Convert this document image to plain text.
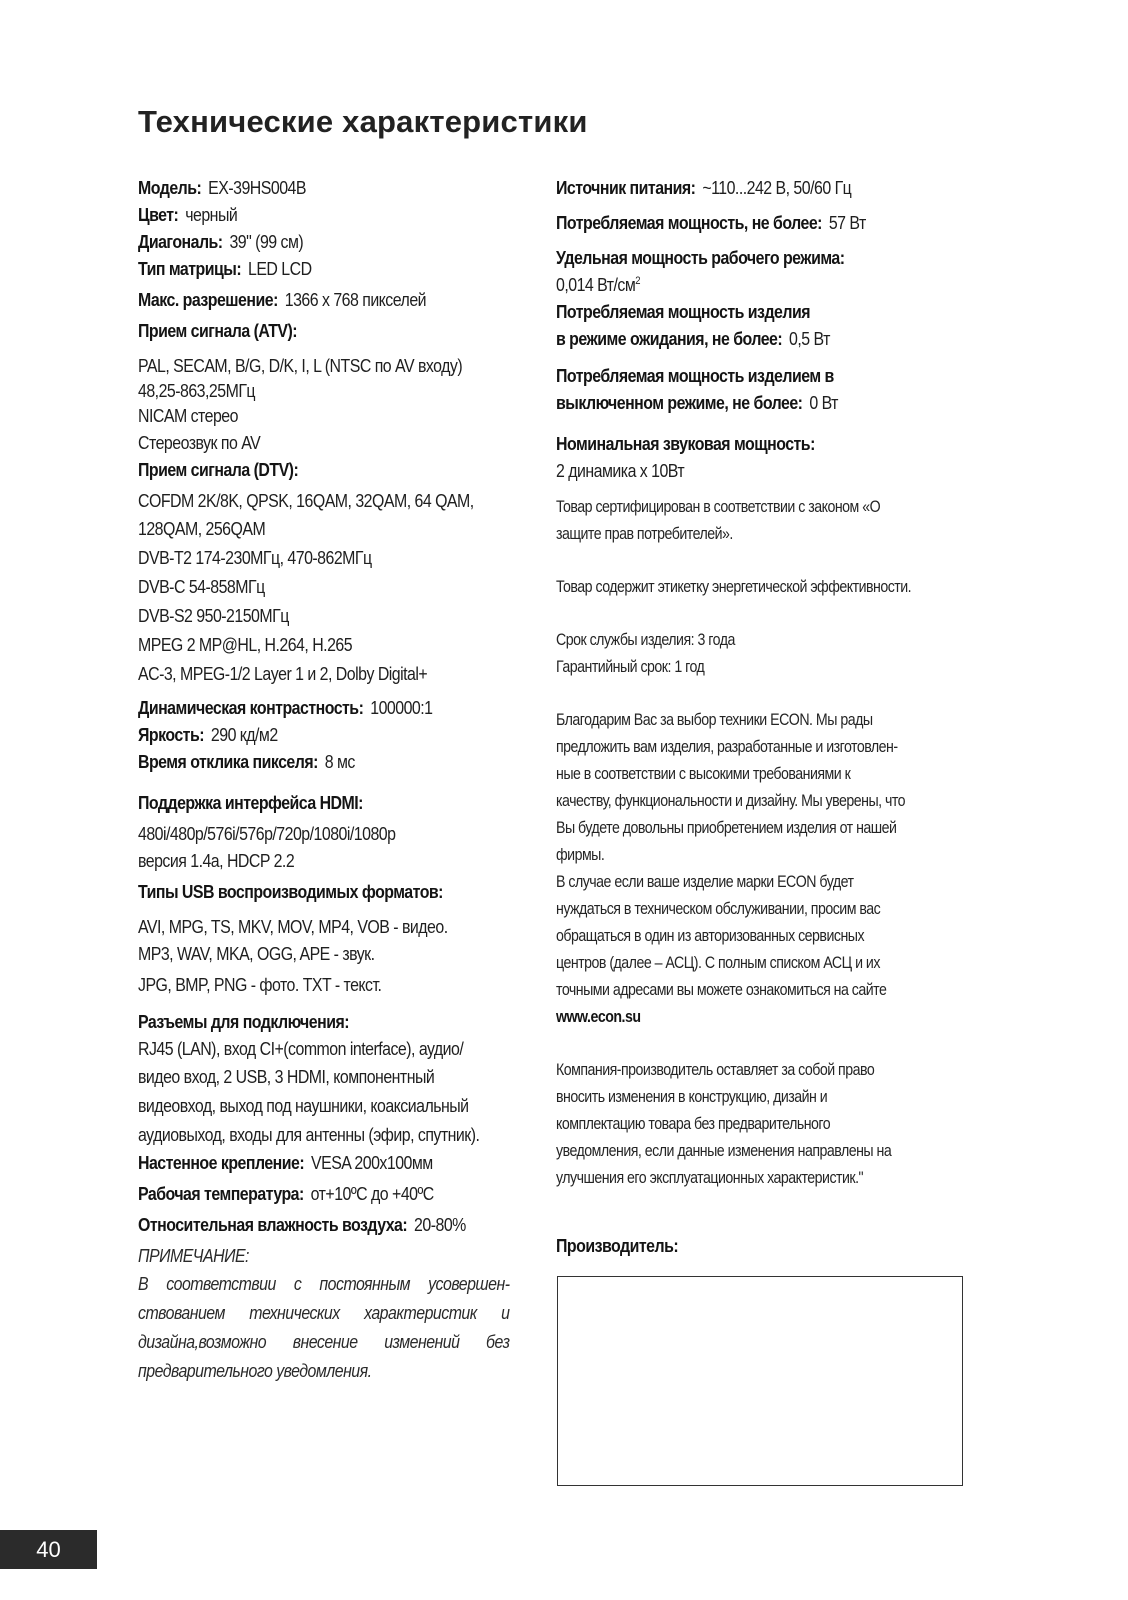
Технические характеристики
Модель: EX-39HS004B
Цвет: черный
Диагональ: 39" (99 см)
Тип матрицы: LED LCD
Макс. разрешение: 1366 x 768 пикселей
Прием сигнала (ATV):
PAL, SECAM, B/G, D/K, I, L (NTSC по AV входу)
48,25-863,25МГц
NICAM стерео
Стереозвук по AV
Прием сигнала (DTV):
COFDM 2K/8K, QPSK, 16QAM, 32QAM, 64 QAM,
128QAM, 256QAM
DVB-T2 174-230МГц, 470-862МГц
DVB-C 54-858МГц
DVB-S2 950-2150МГц
MPEG 2 MP@HL, H.264, H.265
AC-3, MPEG-1/2 Layer 1 и 2, Dolby Digital+
Динамическая контрастность: 100000:1
Яркость: 290 кд/м2
Время отклика пикселя: 8 мс
Поддержка интерфейса HDMI:
480i/480p/576i/576p/720p/1080i/1080p
версия 1.4а, HDCP 2.2
Типы USB воспроизводимых форматов:
AVI, MPG, TS, MKV, MOV, MP4, VOB - видео.
MP3, WAV, MKA, OGG, APE - звук.
JPG, BMP, PNG - фото. TXT - текст.
Разъемы для подключения:
RJ45 (LAN), вход CI+(common interface), аудио/
видео вход, 2 USB, 3 HDMI, компонентный
видеовход, выход под наушники, коаксиальный
аудиовыход, входы для антенны (эфир, спутник).
Настенное крепление: VESA 200x100мм
Рабочая температура: от+10ºС до +40ºС
Относительная влажность воздуха: 20-80%
ПРИМЕЧАНИЕ:
В соответствии с постоянным усовершен-
ствованием технических характеристик и
дизайна,возможно внесение изменений без
предварительного уведомления.
Источник питания: ~110...242 В, 50/60 Гц
Потребляемая мощность, не более: 57 Вт
Удельная мощность рабочего режима:
0,014 $Вт/см^2$
Потребляемая мощность изделия
в режиме ожидания, не более: 0,5 Вт
Потребляемая мощность изделием в
выключенном режиме, не более: 0 Вт
Номинальная звуковая мощность:
2 динамика х 10Вт
Товар сертифицирован в соответствии с законом «О
защите прав потребителей».
Товар содержит этикетку энергетической эффективности.
Срок службы изделия: 3 года
Гарантийный срок: 1 год
Благодарим Вас за выбор техники ECON. Мы рады
предложить вам изделия, разработанные и изготовлен-
ные в соответствии с высокими требованиями к
качеству, функциональности и дизайну. Мы уверены, что
Вы будете довольны приобретением изделия от нашей
фирмы.
В случае если ваше изделие марки ECON будет
нуждаться в техническом обслуживании, просим вас
обращаться в один из авторизованных сервисных
центров (далее – АСЦ). С полным списком АСЦ и их
точными адресами вы можете ознакомиться на сайте
www.econ.su
Компания-производитель оставляет за собой право
вносить изменения в конструкцию, дизайн и
комплектацию товара без предварительного
уведомления, если данные изменения направлены на
улучшения его эксплуатационных характеристик."
Производитель:
40
